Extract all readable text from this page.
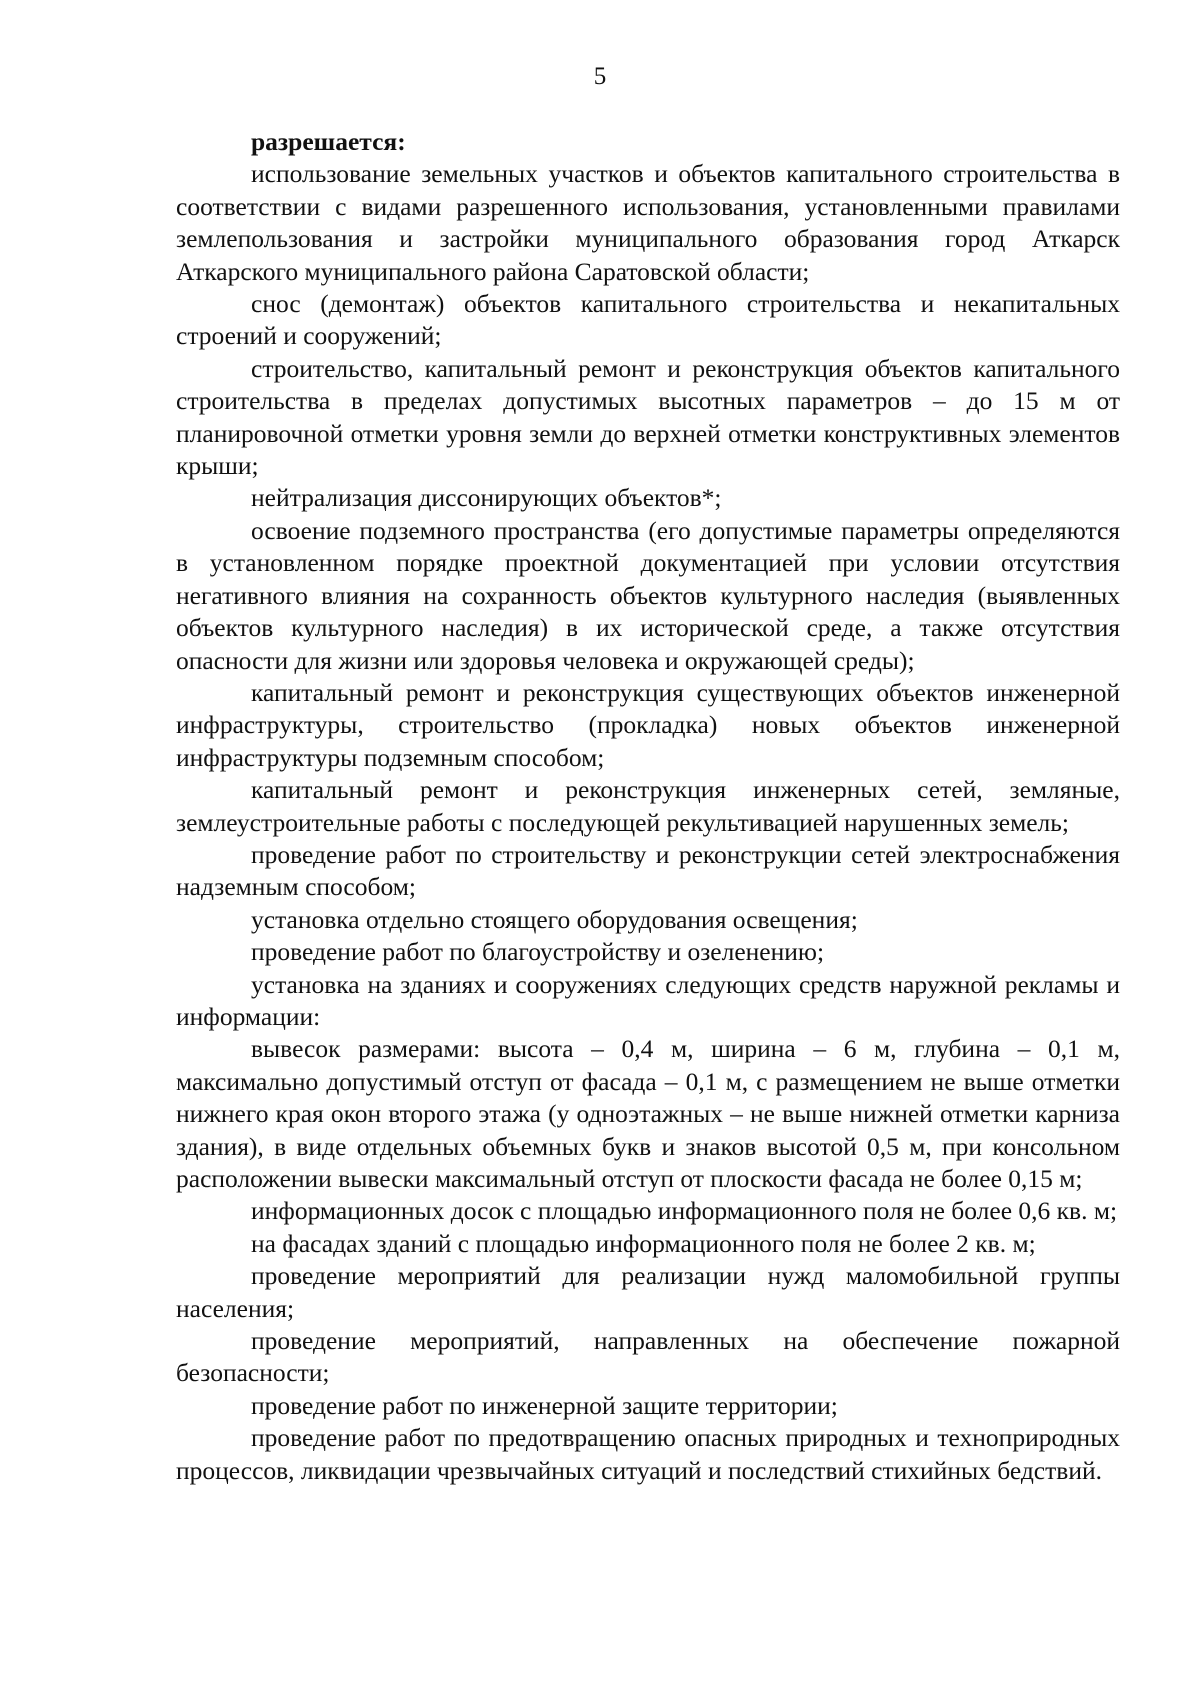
5

разрешается:

использование земельных участков и объектов капитального строительства в соответствии с видами разрешенного использования, установленными правилами землепользования и застройки муниципального образования город Аткарск Аткарского муниципального района Саратовской области;

снос (демонтаж) объектов капитального строительства и некапитальных строений и сооружений;

строительство, капитальный ремонт и реконструкция объектов капитального строительства в пределах допустимых высотных параметров – до 15 м от планировочной отметки уровня земли до верхней отметки конструктивных элементов крыши;

нейтрализация диссонирующих объектов*;

освоение подземного пространства (его допустимые параметры определяются в установленном порядке проектной документацией при условии отсутствия негативного влияния на сохранность объектов культурного наследия (выявленных объектов культурного наследия) в их исторической среде, а также отсутствия опасности для жизни или здоровья человека и окружающей среды);

капитальный ремонт и реконструкция существующих объектов инженерной инфраструктуры, строительство (прокладка) новых объектов инженерной инфраструктуры подземным способом;

капитальный ремонт и реконструкция инженерных сетей, земляные, землеустроительные работы с последующей рекультивацией нарушенных земель;

проведение работ по строительству и реконструкции сетей электроснабжения надземным способом;

установка отдельно стоящего оборудования освещения;

проведение работ по благоустройству и озеленению;

установка на зданиях и сооружениях следующих средств наружной рекламы и информации:

вывесок размерами: высота – 0,4 м, ширина – 6 м, глубина – 0,1 м, максимально допустимый отступ от фасада – 0,1 м, с размещением не выше отметки нижнего края окон второго этажа (у одноэтажных – не выше нижней отметки карниза здания), в виде отдельных объемных букв и знаков высотой 0,5 м, при консольном расположении вывески максимальный отступ от плоскости фасада не более 0,15 м;

информационных досок с площадью информационного поля не более 0,6 кв. м;

на фасадах зданий с площадью информационного поля не более 2 кв. м;

проведение мероприятий для реализации нужд маломобильной группы населения;

проведение мероприятий, направленных на обеспечение пожарной безопасности;

проведение работ по инженерной защите территории;

проведение работ по предотвращению опасных природных и техноприродных процессов, ликвидации чрезвычайных ситуаций и последствий стихийных бедствий.
